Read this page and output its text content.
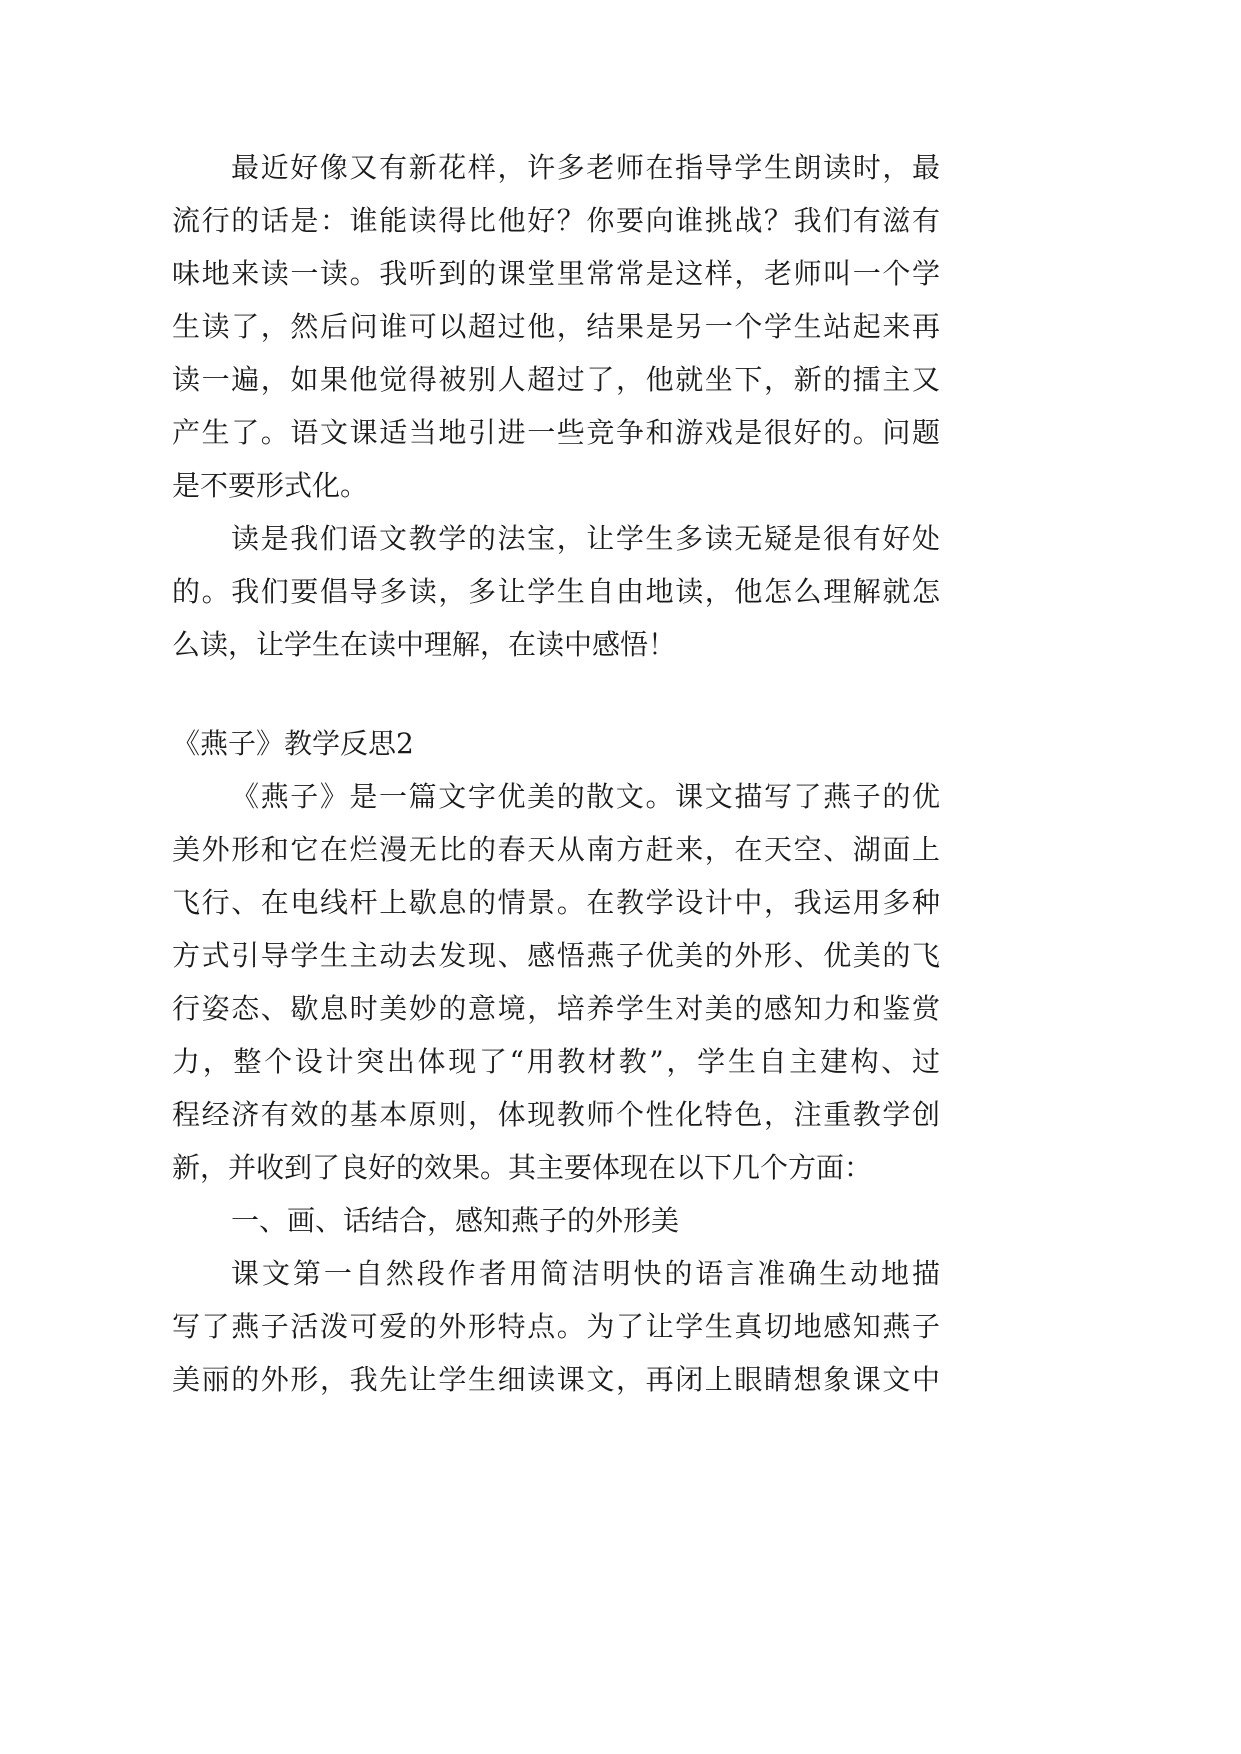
最近好像又有新花样，许多老师在指导学生朗读时，最
流行的话是：谁能读得比他好？你要向谁挑战？我们有滋有
味地来读一读。我听到的课堂里常常是这样，老师叫一个学
生读了，然后问谁可以超过他，结果是另一个学生站起来再
读一遍，如果他觉得被别人超过了，他就坐下，新的擂主又
产生了。语文课适当地引进一些竞争和游戏是很好的。问题
是不要形式化。
读是我们语文教学的法宝，让学生多读无疑是很有好处
的。我们要倡导多读，多让学生自由地读，他怎么理解就怎
么读，让学生在读中理解，在读中感悟！
《燕子》教学反思2
《燕子》是一篇文字优美的散文。课文描写了燕子的优
美外形和它在烂漫无比的春天从南方赶来，在天空、湖面上
飞行、在电线杆上歇息的情景。在教学设计中，我运用多种
方式引导学生主动去发现、感悟燕子优美的外形、优美的飞
行姿态、歇息时美妙的意境，培养学生对美的感知力和鉴赏
力，整个设计突出体现了“用教材教”，学生自主建构、过
程经济有效的基本原则，体现教师个性化特色，注重教学创
新，并收到了良好的效果。其主要体现在以下几个方面：
一、画、话结合，感知燕子的外形美
课文第一自然段作者用简洁明快的语言准确生动地描
写了燕子活泼可爱的外形特点。为了让学生真切地感知燕子
美丽的外形，我先让学生细读课文，再闭上眼睛想象课文中
